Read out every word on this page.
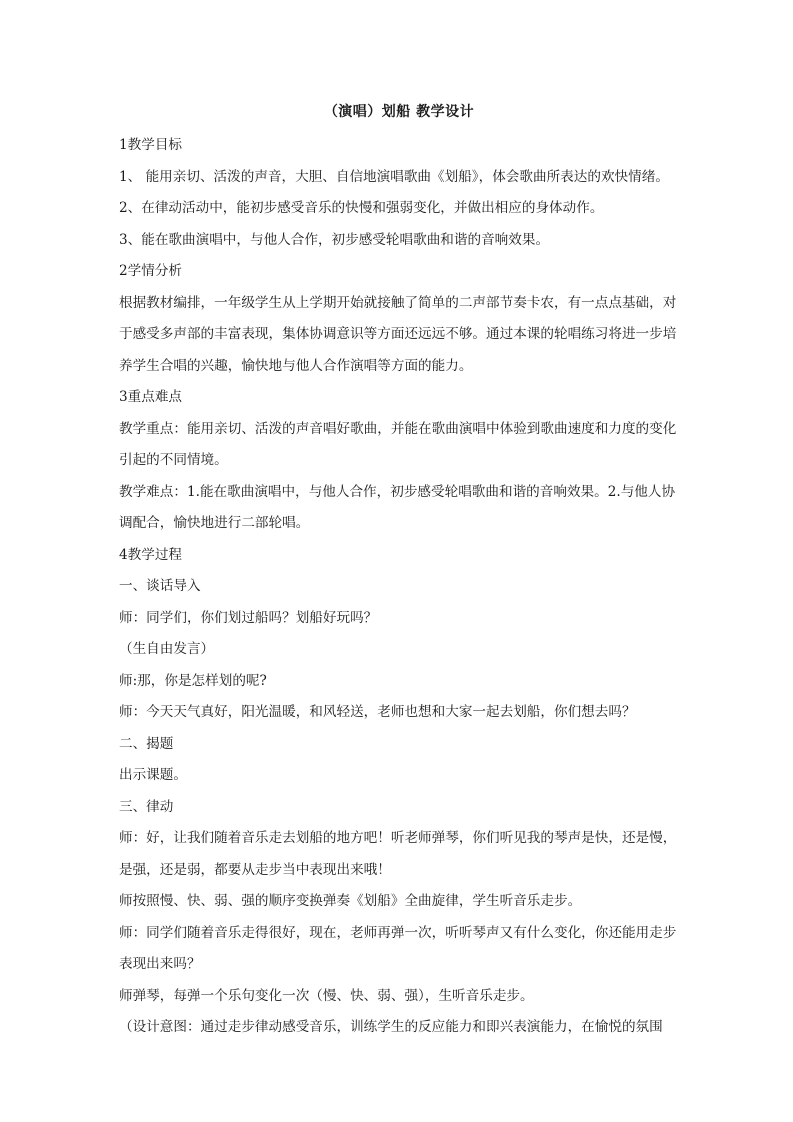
（演唱）划船 教学设计

1教学目标

1、 能用亲切、活泼的声音，大胆、自信地演唱歌曲《划船》，体会歌曲所表达的欢快情绪。

2、在律动活动中，能初步感受音乐的快慢和强弱变化，并做出相应的身体动作。

3、能在歌曲演唱中，与他人合作，初步感受轮唱歌曲和谐的音响效果。

2学情分析

根据教材编排，一年级学生从上学期开始就接触了简单的二声部节奏卡农，有一点点基础，对于感受多声部的丰富表现，集体协调意识等方面还远远不够。通过本课的轮唱练习将进一步培养学生合唱的兴趣，愉快地与他人合作演唱等方面的能力。

3重点难点

教学重点：能用亲切、活泼的声音唱好歌曲，并能在歌曲演唱中体验到歌曲速度和力度的变化引起的不同情境。

教学难点：1.能在歌曲演唱中，与他人合作，初步感受轮唱歌曲和谐的音响效果。2.与他人协调配合，愉快地进行二部轮唱。

4教学过程

一、谈话导入

师：同学们，你们划过船吗？划船好玩吗？

（生自由发言）

师:那，你是怎样划的呢?

师：今天天气真好，阳光温暖，和风轻送，老师也想和大家一起去划船，你们想去吗？

二、揭题

出示课题。

三、律动

师：好，让我们随着音乐走去划船的地方吧！听老师弹琴，你们听见我的琴声是快，还是慢，是强，还是弱，都要从走步当中表现出来哦！

师按照慢、快、弱、强的顺序变换弹奏《划船》全曲旋律，学生听音乐走步。

师：同学们随着音乐走得很好，现在，老师再弹一次，听听琴声又有什么变化，你还能用走步表现出来吗？

师弹琴，每弹一个乐句变化一次（慢、快、弱、强），生听音乐走步。

（设计意图：通过走步律动感受音乐，训练学生的反应能力和即兴表演能力，在愉悦的氛围
